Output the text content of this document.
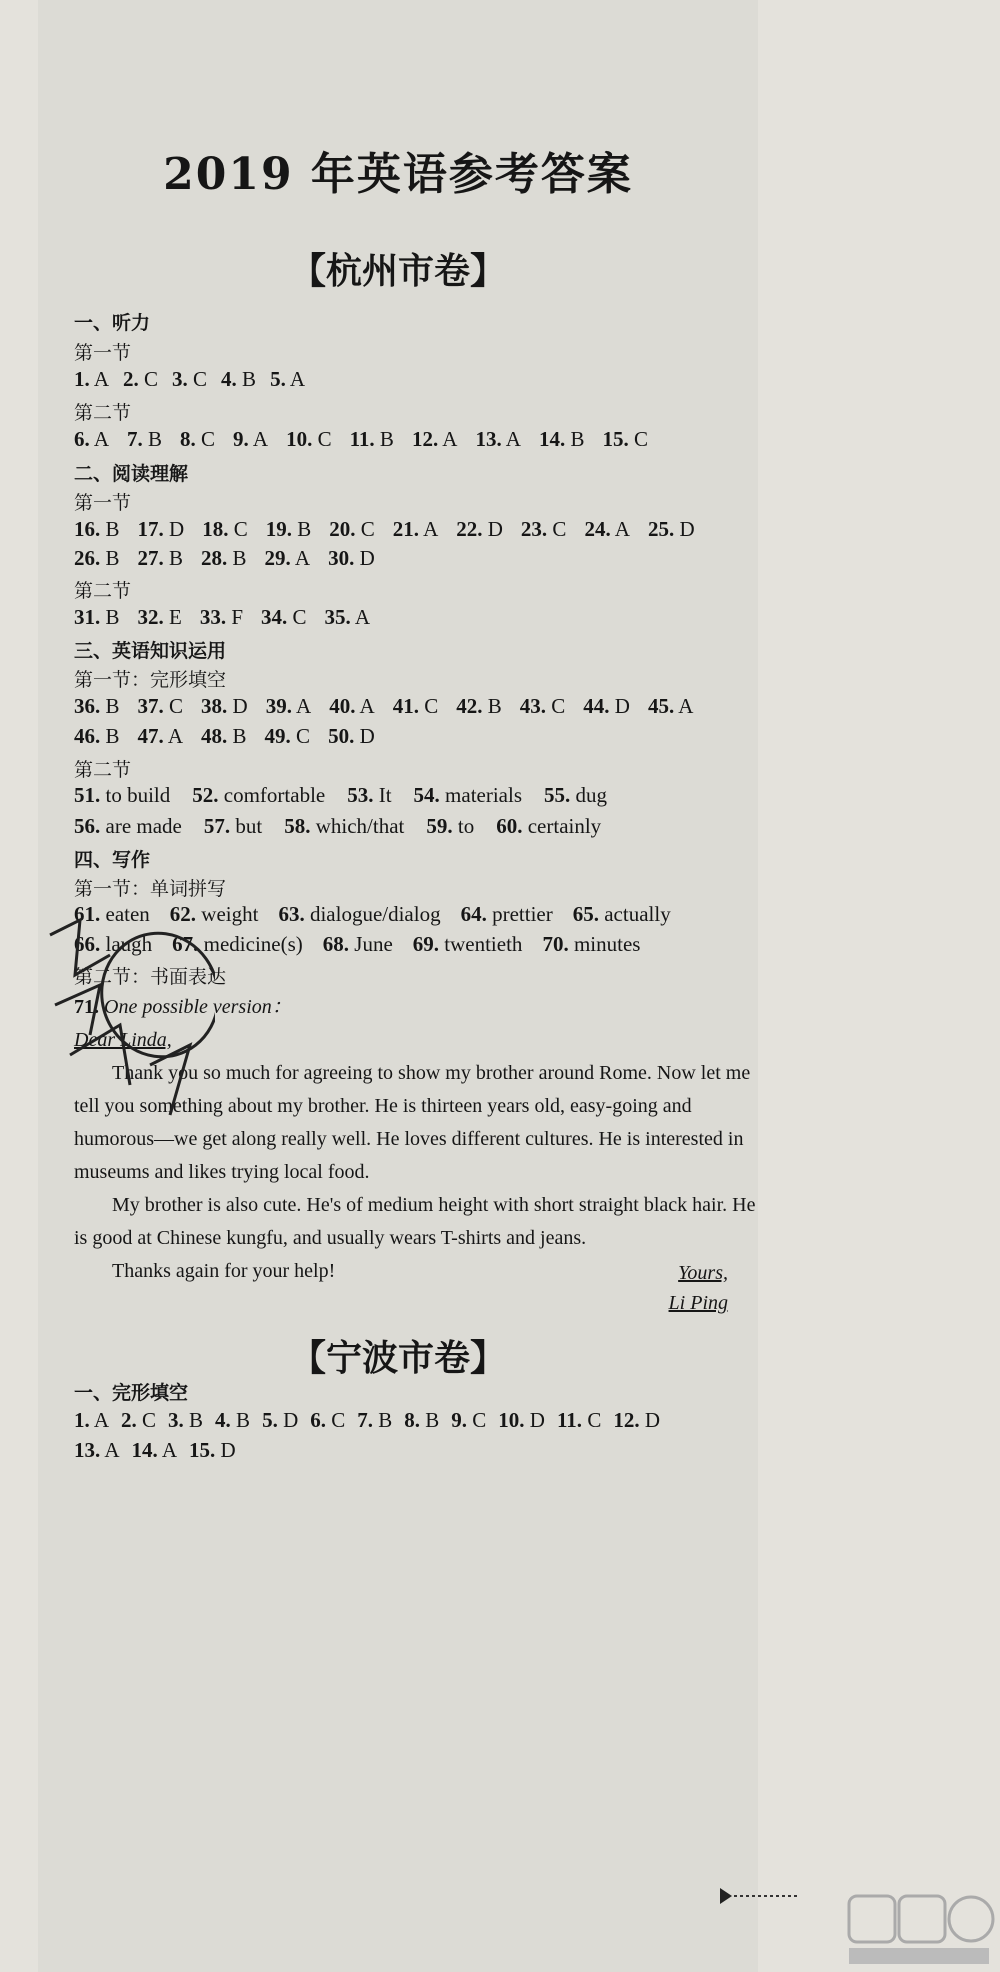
2019 年英语参考答案
【杭州市卷】
一、听力
第一节
1. A 2. C 3. C 4. B 5. A
第二节
6. A 7. B 8. C 9. A 10. C 11. B 12. A 13. A 14. B 15. C
二、阅读理解
第一节
16. B 17. D 18. C 19. B 20. C 21. A 22. D 23. C 24. A 25. D
26. B 27. B 28. B 29. A 30. D
第二节
31. B 32. E 33. F 34. C 35. A
三、英语知识运用
第一节：完形填空
36. B 37. C 38. D 39. A 40. A 41. C 42. B 43. C 44. D 45. A
46. B 47. A 48. B 49. C 50. D
第二节
51. to build 52. comfortable 53. It 54. materials 55. dug
56. are made 57. but 58. which/that 59. to 60. certainly
四、写作
第一节：单词拼写
61. eaten 62. weight 63. dialogue/dialog 64. prettier 65. actually
66. laugh 67. medicine(s) 68. June 69. twentieth 70. minutes
第二节：书面表达

71. One possible version：

Dear Linda,

Thank you so much for agreeing to show my brother around Rome. Now let me tell you something about my brother. He is thirteen years old, easy-going and humorous—we get along really well. He loves different cultures. He is interested in museums and likes trying local food.

My brother is also cute. He's of medium height with short straight black hair. He is good at Chinese kungfu, and usually wears T-shirts and jeans.

Thanks again for your help!	Yours,
Li Ping
【宁波市卷】
一、完形填空
1. A 2. C 3. B 4. B 5. D 6. C 7. B 8. B 9. C 10. D 11. C 12. D
13. A 14. A 15. D
